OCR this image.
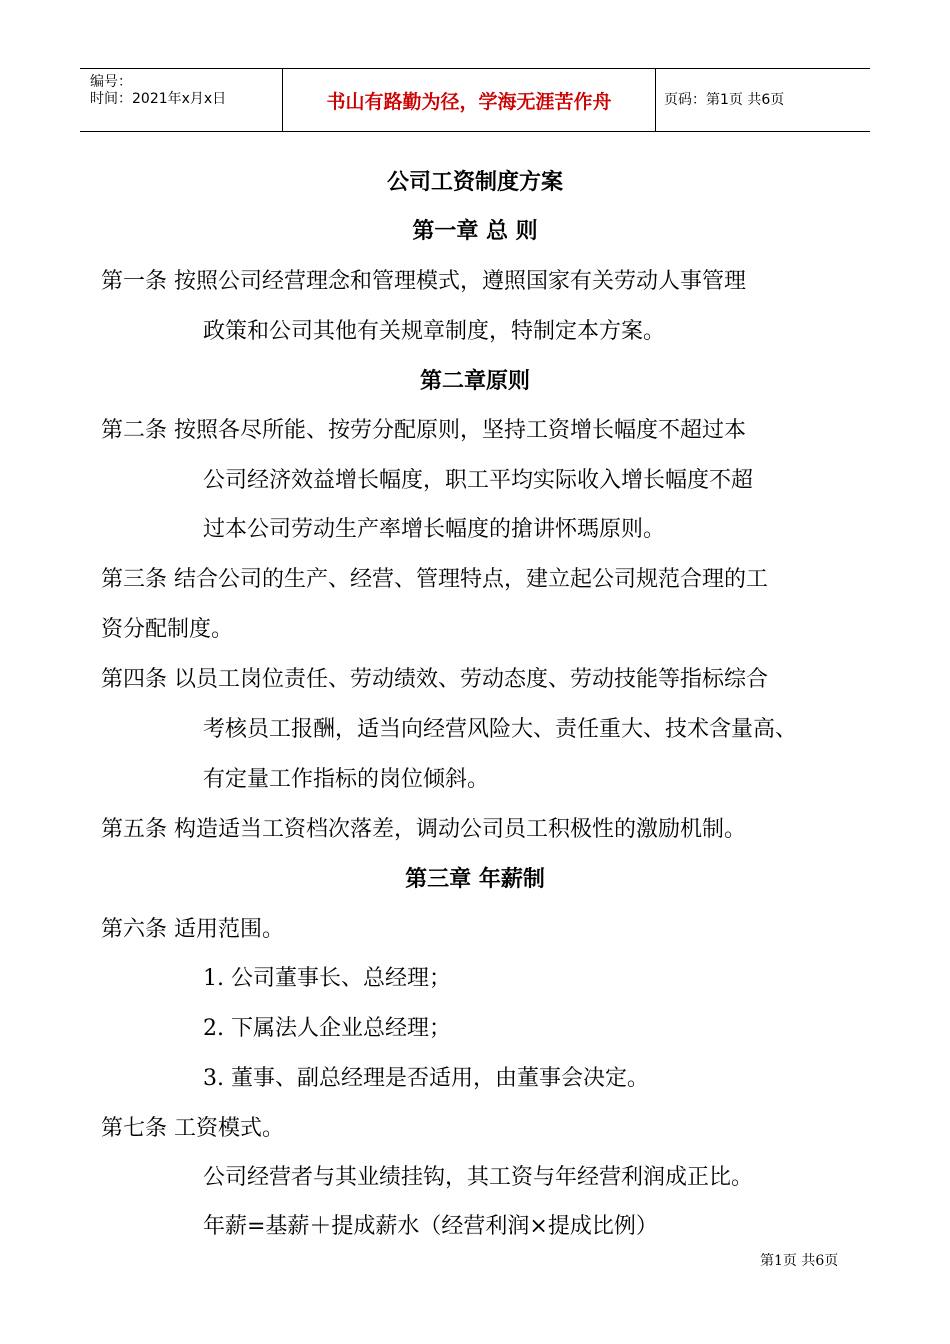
编号：
时间：2021年x月x日	书山有路勤为径，学海无涯苦作舟	页码：第1页 共6页
公司工资制度方案
第一章 总 则
第一条 按照公司经营理念和管理模式，遵照国家有关劳动人事管理
政策和公司其他有关规章制度，特制定本方案。
第二章原则
第二条 按照各尽所能、按劳分配原则，坚持工资增长幅度不超过本
公司经济效益增长幅度，职工平均实际收入增长幅度不超
过本公司劳动生产率增长幅度的搶讲怀瑪原则。
第三条 结合公司的生产、经营、管理特点，建立起公司规范合理的工
资分配制度。
第四条 以员工岗位责任、劳动绩效、劳动态度、劳动技能等指标综合
考核员工报酬，适当向经营风险大、责任重大、技术含量高、
有定量工作指标的岗位倾斜。
第五条 构造适当工资档次落差，调动公司员工积极性的激励机制。
第三章 年薪制
第六条 适用范围。
1. 公司董事长、总经理；
2. 下属法人企业总经理；
3. 董事、副总经理是否适用，由董事会决定。
第七条 工资模式。
公司经营者与其业绩挂钩，其工资与年经营利润成正比。
年薪=基薪＋提成薪水（经营利润×提成比例）
第1页 共6页
